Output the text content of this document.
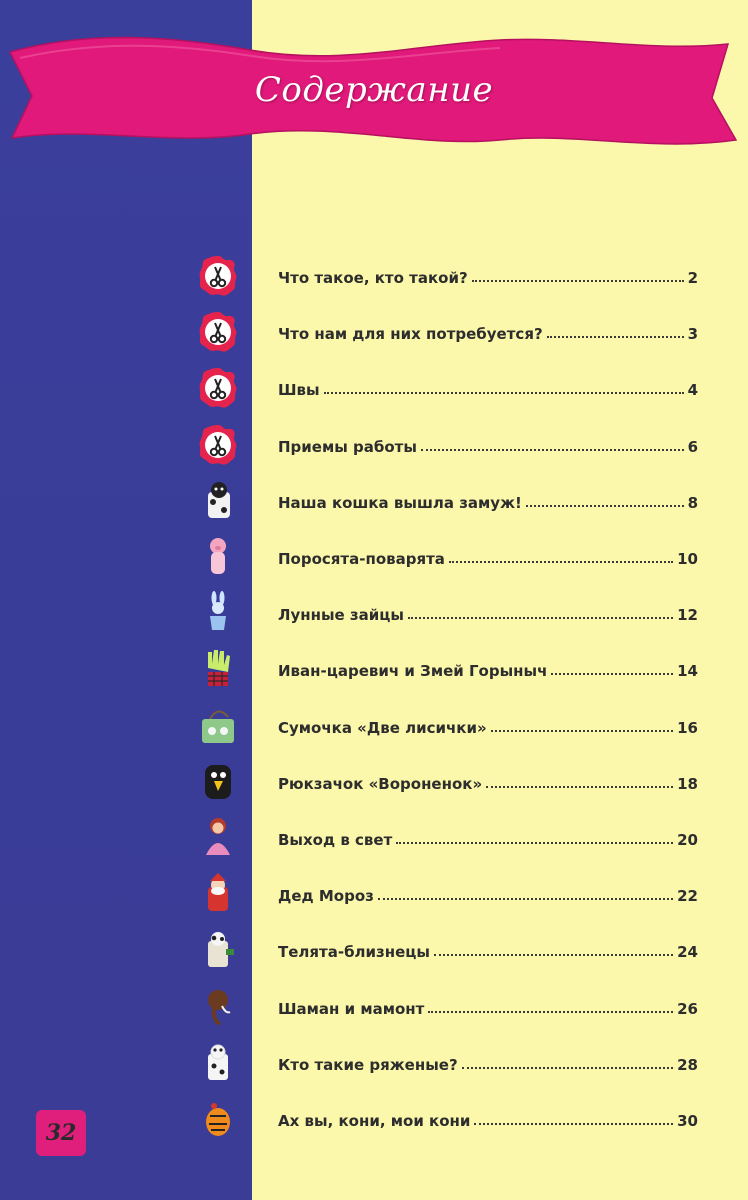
Содержание
Что такое, кто такой?	2
Что нам для них потребуется?	3
Швы	4
Приемы работы	6
Наша кошка вышла замуж!	8
Поросята-поварята	10
Лунные зайцы	12
Иван-царевич и Змей Горыныч	14
Сумочка «Две лисички»	16
Рюкзачок «Вороненок»	18
Выход в свет	20
Дед Мороз	22
Телята-близнецы	24
Шаман и мамонт	26
Кто такие ряженые?	28
Ах вы, кони, мои кони	30
32
